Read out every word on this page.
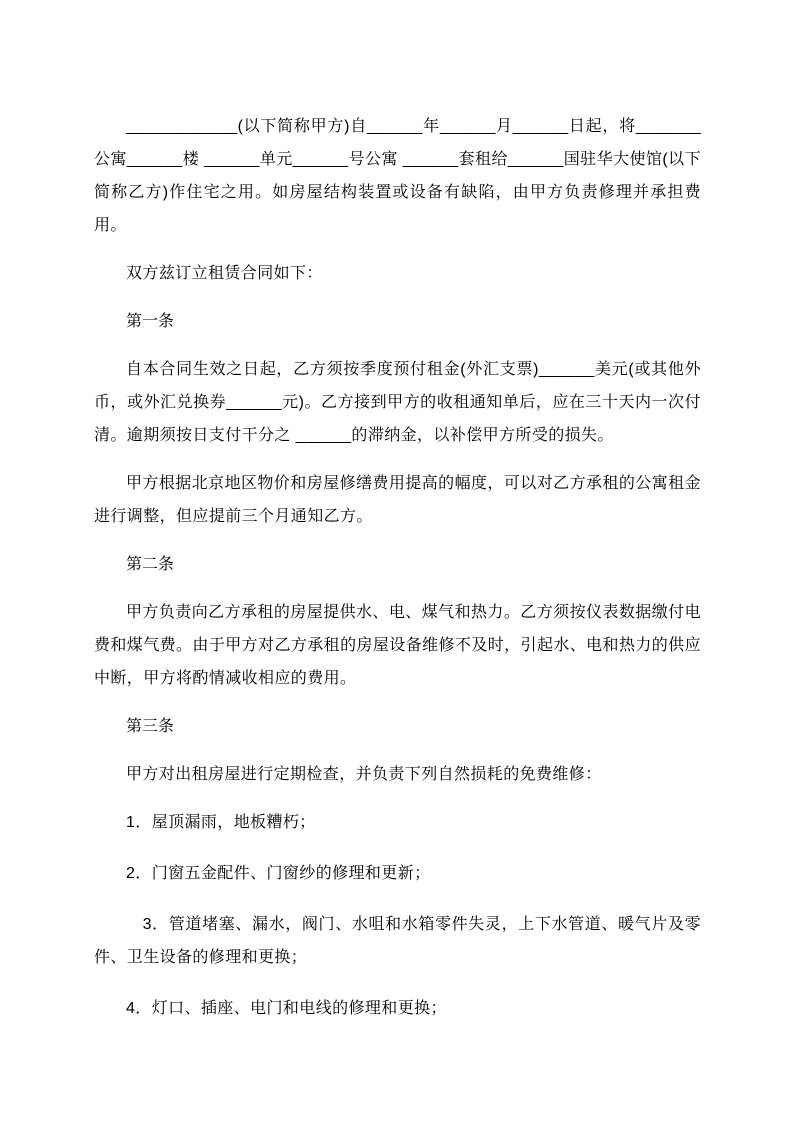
____________(以下简称甲方)自______年______月______日起，将_______公寓______楼 ______单元______号公寓 ______套租给______国驻华大使馆(以下简称乙方)作住宅之用。如房屋结构装置或设备有缺陷，由甲方负责修理并承担费用。

双方兹订立租赁合同如下：

第一条

自本合同生效之日起，乙方须按季度预付租金(外汇支票)______美元(或其他外币，或外汇兑换券______元)。乙方接到甲方的收租通知单后，应在三十天内一次付清。逾期须按日支付干分之 ______的滞纳金，以补偿甲方所受的损失。

甲方根据北京地区物价和房屋修缮费用提高的幅度，可以对乙方承租的公寓租金进行调整，但应提前三个月通知乙方。

第二条

甲方负责向乙方承租的房屋提供水、电、煤气和热力。乙方须按仪表数据缴付电费和煤气费。由于甲方对乙方承租的房屋设备维修不及时，引起水、电和热力的供应中断，甲方将酌情减收相应的费用。

第三条

甲方对出租房屋进行定期检查，并负责下列自然损耗的免费维修：

1．屋顶漏雨，地板糟朽；

2．门窗五金配件、门窗纱的修理和更新；

　3．管道堵塞、漏水，阀门、水咀和水箱零件失灵，上下水管道、暖气片及零件、卫生设备的修理和更换；

4．灯口、插座、电门和电线的修理和更换；
